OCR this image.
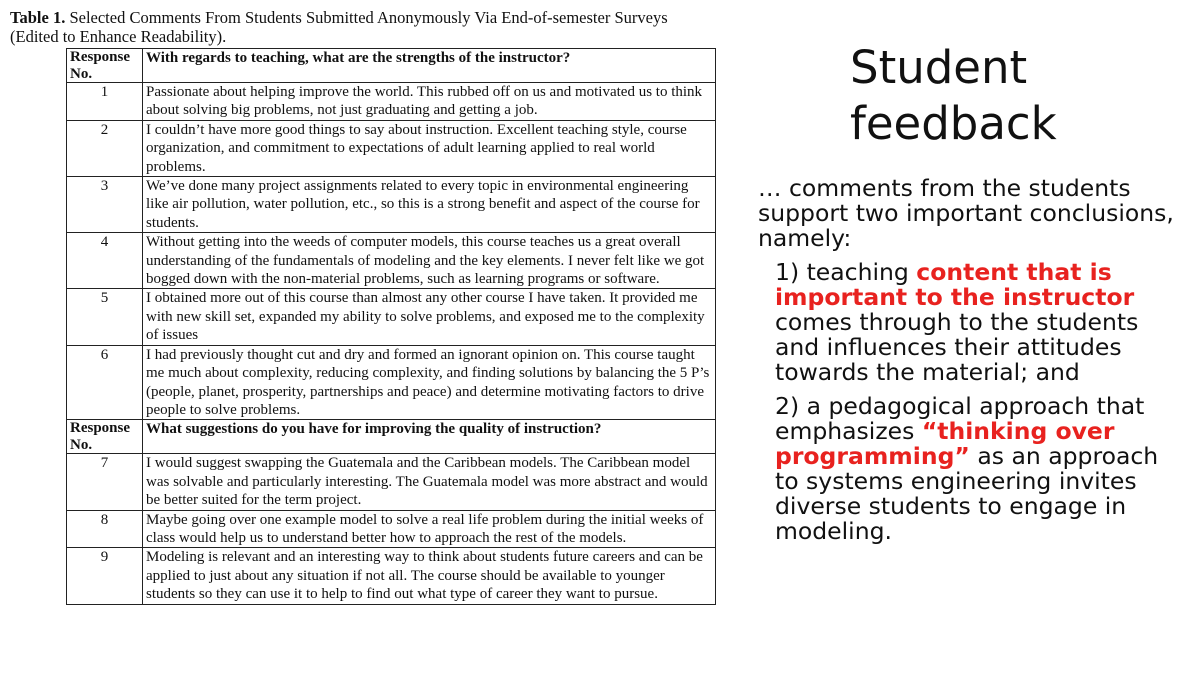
Table 1. Selected Comments From Students Submitted Anonymously Via End-of-semester Surveys (Edited to Enhance Readability).

Response No.	With regards to teaching, what are the strengths of the instructor?
1	Passionate about helping improve the world. This rubbed off on us and motivated us to think about solving big problems, not just graduating and getting a job.
2	I couldn’t have more good things to say about instruction. Excellent teaching style, course organization, and commitment to expectations of adult learning applied to real world problems.
3	We’ve done many project assignments related to every topic in environmental engineering like air pollution, water pollution, etc., so this is a strong benefit and aspect of the course for students.
4	Without getting into the weeds of computer models, this course teaches us a great overall understanding of the fundamentals of modeling and the key elements. I never felt like we got bogged down with the non-material problems, such as learning programs or software.
5	I obtained more out of this course than almost any other course I have taken. It provided me with new skill set, expanded my ability to solve problems, and exposed me to the complexity of issues
6	I had previously thought cut and dry and formed an ignorant opinion on. This course taught me much about complexity, reducing complexity, and finding solutions by balancing the 5 P’s (people, planet, prosperity, partnerships and peace) and determine motivating factors to drive people to solve problems.
Response No.	What suggestions do you have for improving the quality of instruction?
7	I would suggest swapping the Guatemala and the Caribbean models. The Caribbean model was solvable and particularly interesting. The Guatemala model was more abstract and would be better suited for the term project.
8	Maybe going over one example model to solve a real life problem during the initial weeks of class would help us to understand better how to approach the rest of the models.
9	Modeling is relevant and an interesting way to think about students future careers and can be applied to just about any situation if not all. The course should be available to younger students so they can use it to help to find out what type of career they want to pursue.
Student feedback
… comments from the students support two important conclusions, namely:
1) teaching content that is important to the instructor comes through to the students and influences their attitudes towards the material; and
2) a pedagogical approach that emphasizes “thinking over programming” as an approach to systems engineering invites diverse students to engage in modeling.
